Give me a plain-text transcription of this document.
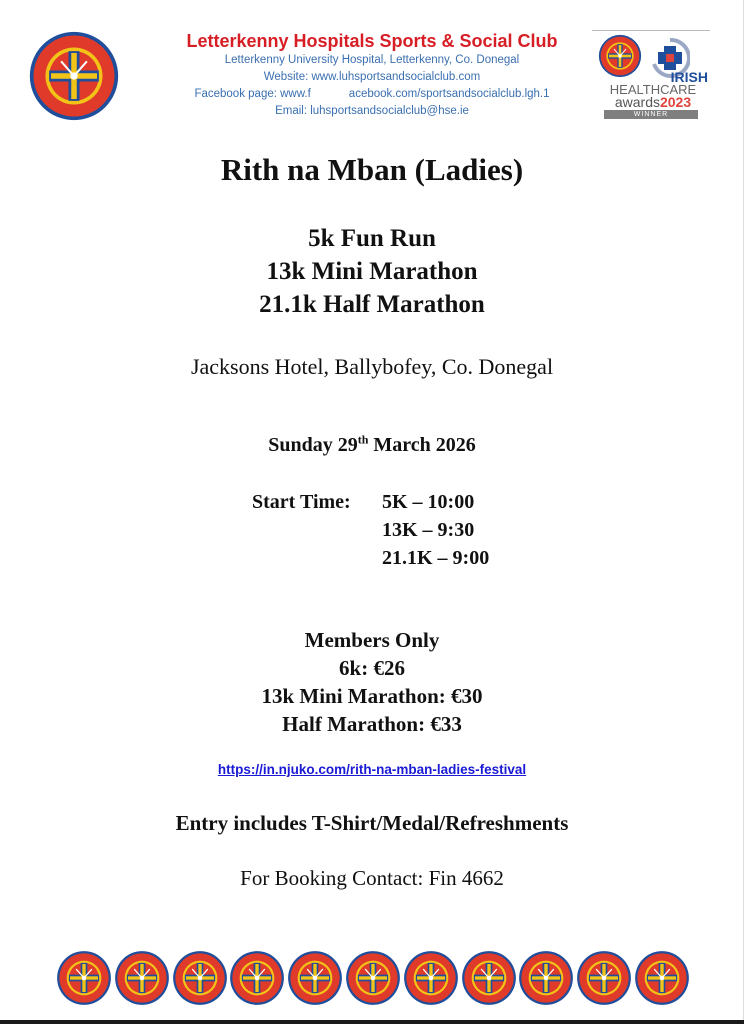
Letterkenny Hospitals Sports & Social Club
Letterkenny University Hospital, Letterkenny, Co. Donegal
Website: www.luhsportsandsocialclub.com
Facebook page: www.f	acebook.com/sportsandsocialclub.lgh.1
Email: luhsportsandsocialclub@hse.ie
IRISH
HEALTHCARE
awards2023
WINNER
Rith na Mban (Ladies)
5k Fun Run
13k Mini Marathon
21.1k Half Marathon
Jacksons Hotel, Ballybofey, Co. Donegal
Sunday 29th March 2026
Start Time: 5K – 10:00
13K – 9:30
21.1K – 9:00
Members Only
6k: €26
13k Mini Marathon: €30
Half Marathon: €33
https://in.njuko.com/rith-na-mban-ladies-festival
Entry includes T-Shirt/Medal/Refreshments
For Booking Contact: Fin 4662
